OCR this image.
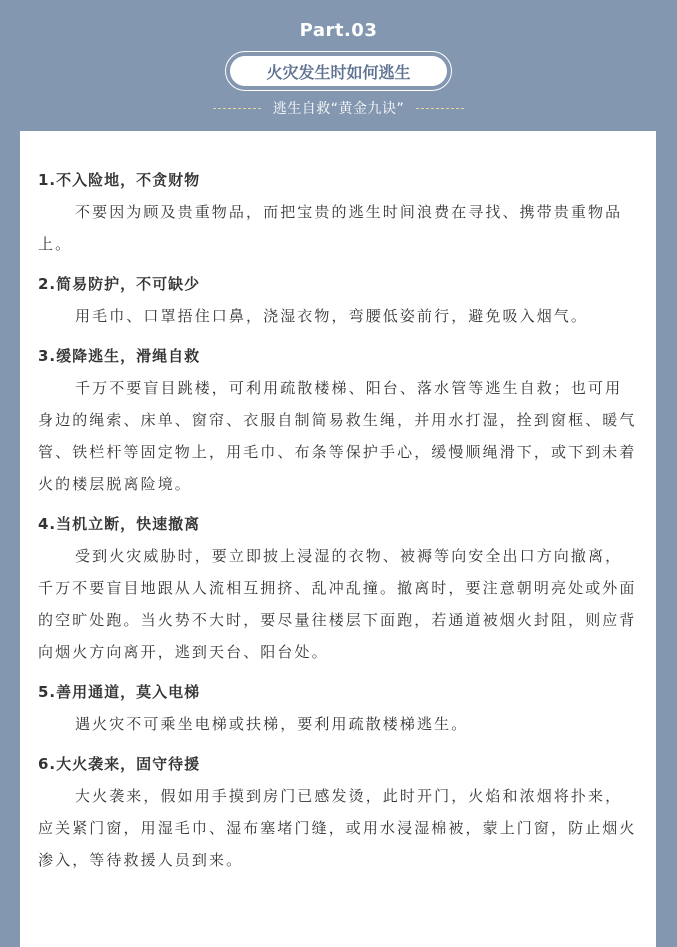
Part.03
火灾发生时如何逃生
逃生自救“黄金九诀”

1.不入险地，不贪财物

不要因为顾及贵重物品，而把宝贵的逃生时间浪费在寻找、携带贵重物品上。

2.简易防护，不可缺少

用毛巾、口罩捂住口鼻，浇湿衣物，弯腰低姿前行，避免吸入烟气。

3.缓降逃生，滑绳自救

千万不要盲目跳楼，可利用疏散楼梯、阳台、落水管等逃生自救；也可用身边的绳索、床单、窗帘、衣服自制简易救生绳，并用水打湿，拴到窗框、暖气管、铁栏杆等固定物上，用毛巾、布条等保护手心，缓慢顺绳滑下，或下到未着火的楼层脱离险境。

4.当机立断，快速撤离

受到火灾威胁时，要立即披上浸湿的衣物、被褥等向安全出口方向撤离，千万不要盲目地跟从人流相互拥挤、乱冲乱撞。撤离时，要注意朝明亮处或外面的空旷处跑。当火势不大时，要尽量往楼层下面跑，若通道被烟火封阻，则应背向烟火方向离开，逃到天台、阳台处。

5.善用通道，莫入电梯

遇火灾不可乘坐电梯或扶梯，要利用疏散楼梯逃生。

6.大火袭来，固守待援

大火袭来，假如用手摸到房门已感发烫，此时开门，火焰和浓烟将扑来，应关紧门窗，用湿毛巾、湿布塞堵门缝，或用水浸湿棉被，蒙上门窗，防止烟火渗入，等待救援人员到来。
